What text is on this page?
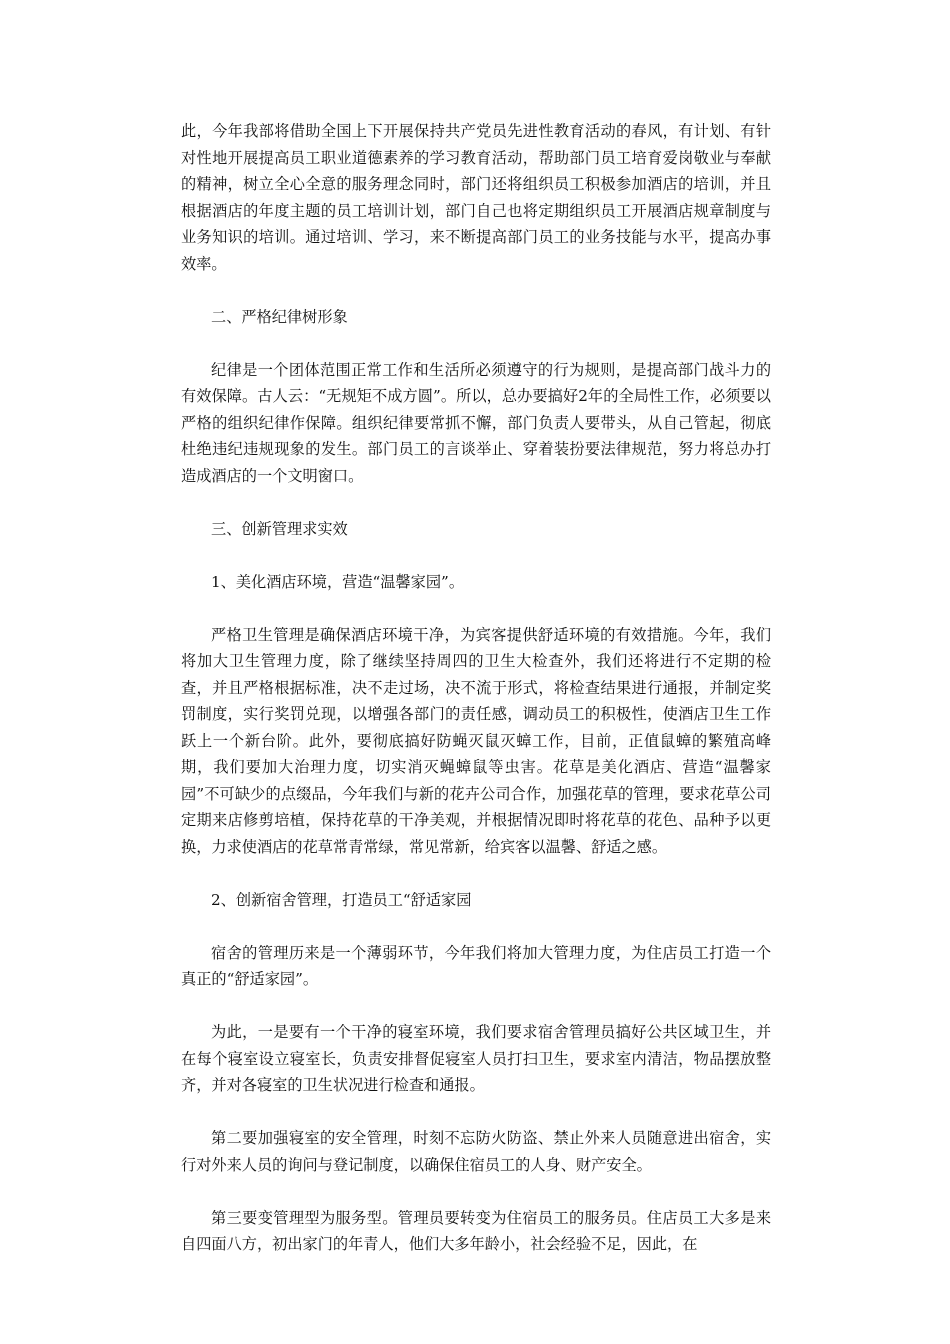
此，今年我部将借助全国上下开展保持共产党员先进性教育活动的春风，有计划、有针对性地开展提高员工职业道德素养的学习教育活动，帮助部门员工培育爱岗敬业与奉献的精神，树立全心全意的服务理念同时，部门还将组织员工积极参加酒店的培训，并且根据酒店的年度主题的员工培训计划，部门自己也将定期组织员工开展酒店规章制度与业务知识的培训。通过培训、学习，来不断提高部门员工的业务技能与水平，提高办事效率。

二、严格纪律树形象

纪律是一个团体范围正常工作和生活所必须遵守的行为规则，是提高部门战斗力的有效保障。古人云：“无规矩不成方圆”。所以，总办要搞好2年的全局性工作，必须要以严格的组织纪律作保障。组织纪律要常抓不懈，部门负责人要带头，从自己管起，彻底杜绝违纪违规现象的发生。部门员工的言谈举止、穿着装扮要法律规范，努力将总办打造成酒店的一个文明窗口。

三、创新管理求实效

1、美化酒店环境，营造“温馨家园”。

严格卫生管理是确保酒店环境干净，为宾客提供舒适环境的有效措施。今年，我们将加大卫生管理力度，除了继续坚持周四的卫生大检查外，我们还将进行不定期的检查，并且严格根据标准，决不走过场，决不流于形式，将检查结果进行通报，并制定奖罚制度，实行奖罚兑现，以增强各部门的责任感，调动员工的积极性，使酒店卫生工作跃上一个新台阶。此外，要彻底搞好防蝇灭鼠灭蟑工作，目前，正值鼠蟑的繁殖高峰期，我们要加大治理力度，切实消灭蝇蟑鼠等虫害。花草是美化酒店、营造“温馨家园”不可缺少的点缀品，今年我们与新的花卉公司合作，加强花草的管理，要求花草公司定期来店修剪培植，保持花草的干净美观，并根据情况即时将花草的花色、品种予以更换，力求使酒店的花草常青常绿，常见常新，给宾客以温馨、舒适之感。

2、创新宿舍管理，打造员工“舒适家园

宿舍的管理历来是一个薄弱环节，今年我们将加大管理力度，为住店员工打造一个真正的“舒适家园”。

为此，一是要有一个干净的寝室环境，我们要求宿舍管理员搞好公共区域卫生，并在每个寝室设立寝室长，负责安排督促寝室人员打扫卫生，要求室内清洁，物品摆放整齐，并对各寝室的卫生状况进行检查和通报。

第二要加强寝室的安全管理，时刻不忘防火防盗、禁止外来人员随意进出宿舍，实行对外来人员的询问与登记制度，以确保住宿员工的人身、财产安全。

第三要变管理型为服务型。管理员要转变为住宿员工的服务员。住店员工大多是来自四面八方，初出家门的年青人，他们大多年龄小，社会经验不足，因此，在
